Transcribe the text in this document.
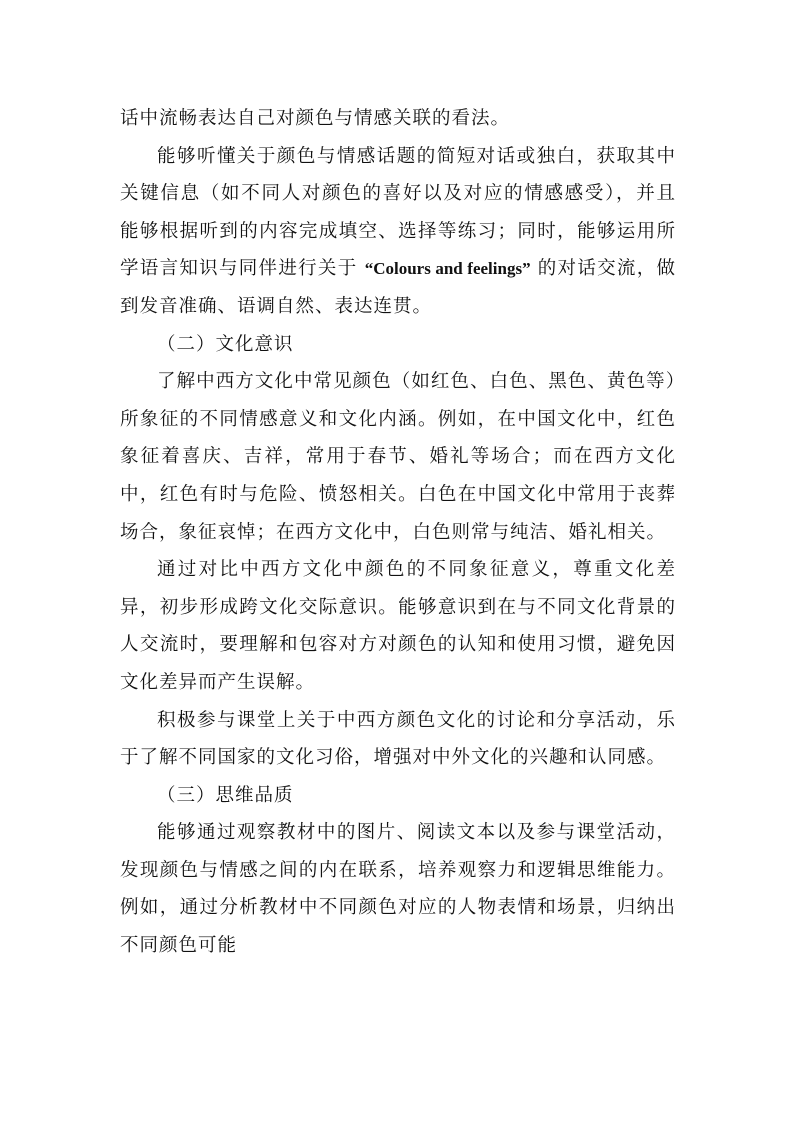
话中流畅表达自己对颜色与情感关联的看法。

能够听懂关于颜色与情感话题的简短对话或独白，获取其中关键信息（如不同人对颜色的喜好以及对应的情感感受），并且能够根据听到的内容完成填空、选择等练习；同时，能够运用所学语言知识与同伴进行关于 “Colours and feelings” 的对话交流，做到发音准确、语调自然、表达连贯。

（二）文化意识

了解中西方文化中常见颜色（如红色、白色、黑色、黄色等）所象征的不同情感意义和文化内涵。例如，在中国文化中，红色象征着喜庆、吉祥，常用于春节、婚礼等场合；而在西方文化中，红色有时与危险、愤怒相关。白色在中国文化中常用于丧葬场合，象征哀悼；在西方文化中，白色则常与纯洁、婚礼相关。

通过对比中西方文化中颜色的不同象征意义，尊重文化差异，初步形成跨文化交际意识。能够意识到在与不同文化背景的人交流时，要理解和包容对方对颜色的认知和使用习惯，避免因文化差异而产生误解。

积极参与课堂上关于中西方颜色文化的讨论和分享活动，乐于了解不同国家的文化习俗，增强对中外文化的兴趣和认同感。

（三）思维品质

能够通过观察教材中的图片、阅读文本以及参与课堂活动，发现颜色与情感之间的内在联系，培养观察力和逻辑思维能力。例如，通过分析教材中不同颜色对应的人物表情和场景，归纳出不同颜色可能
